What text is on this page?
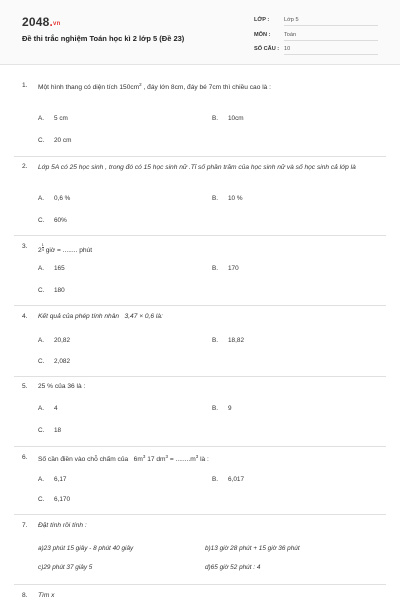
2048.vn
Đề thi trắc nghiệm Toán học kì 2 lớp 5 (Đề 23)
LỚP :	Lớp 5
MÔN : Toán
SỐ CÂU : 10
1. Một hình thang có diện tích $150cm^2$ , đáy lớn 8cm, đáy bé 7cm thì chiều cao là :
A. 5 cm	B. 10cm
C. 20 cm
2. Lớp 5A có 25 học sinh , trong đó có 15 học sinh nữ .Tỉ số phần trăm của học sinh nữ và số học sinh cả lớp là
A. 0,6 %	B. 10 %
C. 60%
3.
$2 \frac{1}{4}$ giờ = ........ phút
A. 165	B. 170
C. 180
4. Kết quả của phép tính nhân 3,47 × 0,6 là:
A. 20,82	B. 18,82
C. 2,082
5. 25 % của 36 là :
A. 4	B. 9
C. 18
6. Số cần điền vào chỗ chấm của $6m^3$ 17 $dm^3 = ........m^3$ là :
A. 6,17	B. 6,017
C. 6,170
7. Đặt tính rồi tính :
a)23 phút 15 giây - 8 phút 40 giây	b)13 giờ 28 phút + 15 giờ 36 phút
c)29 phút 37 giây 5	d)65 giờ 52 phút : 4
8. Tìm x
